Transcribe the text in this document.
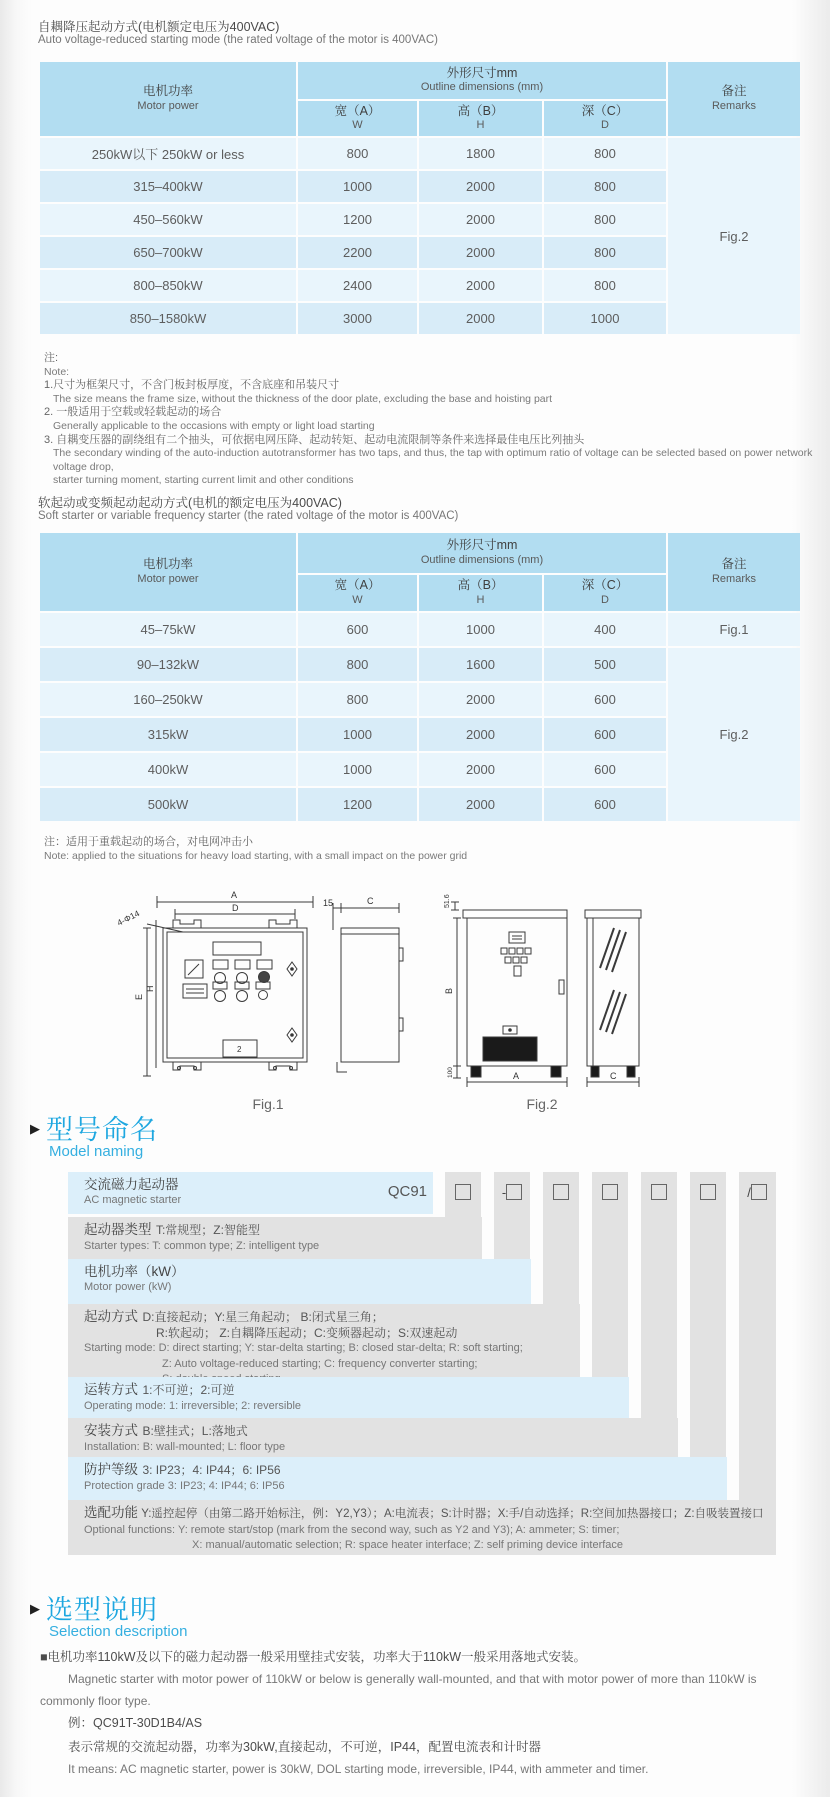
自耦降压起动方式(电机额定电压为400VAC)
Auto voltage-reduced starting mode (the rated voltage of the motor is 400VAC)
电机功率
Motor power
外形尺寸mm
Outline dimensions (mm)	备注
Remarks
宽（A）
W
高（B）
H
深（C）
D
250kW以下 250kW or less	800	1800	800
Fig.2
315–400kW	1000	2000	800
450–560kW	1200	2000	800
650–700kW	2200	2000	800
800–850kW	2400	2000	800
850–1580kW	3000	2000	1000
注:
Note:
1.尺寸为框架尺寸，不含门板封板厚度，不含底座和吊装尺寸
The size means the frame size, without the thickness of the door plate, excluding the base and hoisting part
2. 一般适用于空载或轻载起动的场合
Generally applicable to the occasions with empty or light load starting
3. 自耦变压器的副绕组有二个抽头，可依据电网压降、起动转矩、起动电流限制等条件来选择最佳电压比列抽头
The secondary winding of the auto-induction autotransformer has two taps, and thus, the tap with optimum ratio of voltage can be selected based on power network voltage drop,
starter turning moment, starting current limit and other conditions
软起动或变频起动起动方式(电机的额定电压为400VAC)
Soft starter or variable frequency starter (the rated voltage of the motor is 400VAC)
电机功率
Motor power
外形尺寸mm
Outline dimensions (mm)	备注
Remarks
宽（A）
W
高（B）
H
深（C）
D
45–75kW	600	1000	400	Fig.1
90–132kW	800	1600	500
Fig.2
160–250kW	800	2000	600
315kW	1000	2000	600
400kW	1000	2000	600
500kW	1200	2000	600
注：适用于重载起动的场合，对电网冲击小
Note: applied to the situations for heavy load starting, with a small impact on the power grid
A
D
4-Φ14
E
H
2
15	C	51.6
B
100	A	C
Fig.1	Fig.2
▶ 型号命名
Model naming
交流磁力起动器
AC magnetic starter	QC91	-	/
起动器类型 T:常规型；Z:智能型
Starter types: T: common type; Z: intelligent type
电机功率（kW）
Motor power (kW)
起动方式 D:直接起动；Y:星三角起动； B:闭式星三角；
R:软起动； Z:自耦降压起动；C:变频器起动；S:双速起动
Starting mode: D: direct starting; Y: star-delta starting; B: closed star-delta; R: soft starting;
Z: Auto voltage-reduced starting; C: frequency converter starting;
运转方式 1:不可逆；2:可逆
Operating mode: 1: irreversible; 2: reversible
安装方式 B:壁挂式；L:落地式
Installation: B: wall-mounted; L: floor type
防护等级 3: IP23；4: IP44；6: IP56
Protection grade 3: IP23; 4: IP44; 6: IP56
选配功能 Y:遥控起停（由第二路开始标注，例：Y2,Y3）；A:电流表；S:计时器；X:手/自动选择；R:空间加热器接口；Z:自吸装置接口
Optional functions: Y: remote start/stop (mark from the second way, such as Y2 and Y3); A: ammeter; S: timer;
X: manual/automatic selection; R: space heater interface; Z: self priming device interface
▶ 选型说明
Selection description
■电机功率110kW及以下的磁力起动器一般采用壁挂式安装，功率大于110kW一般采用落地式安装。
Magnetic starter with motor power of 110kW or below is generally wall-mounted, and that with motor power of more than 110kW is
commonly floor type.
例：QC91T-30D1B4/AS
表示常规的交流起动器，功率为30kW,直接起动，不可逆，IP44，配置电流表和计时器
It means: AC magnetic starter, power is 30kW, DOL starting mode, irreversible, IP44, with ammeter and timer.
